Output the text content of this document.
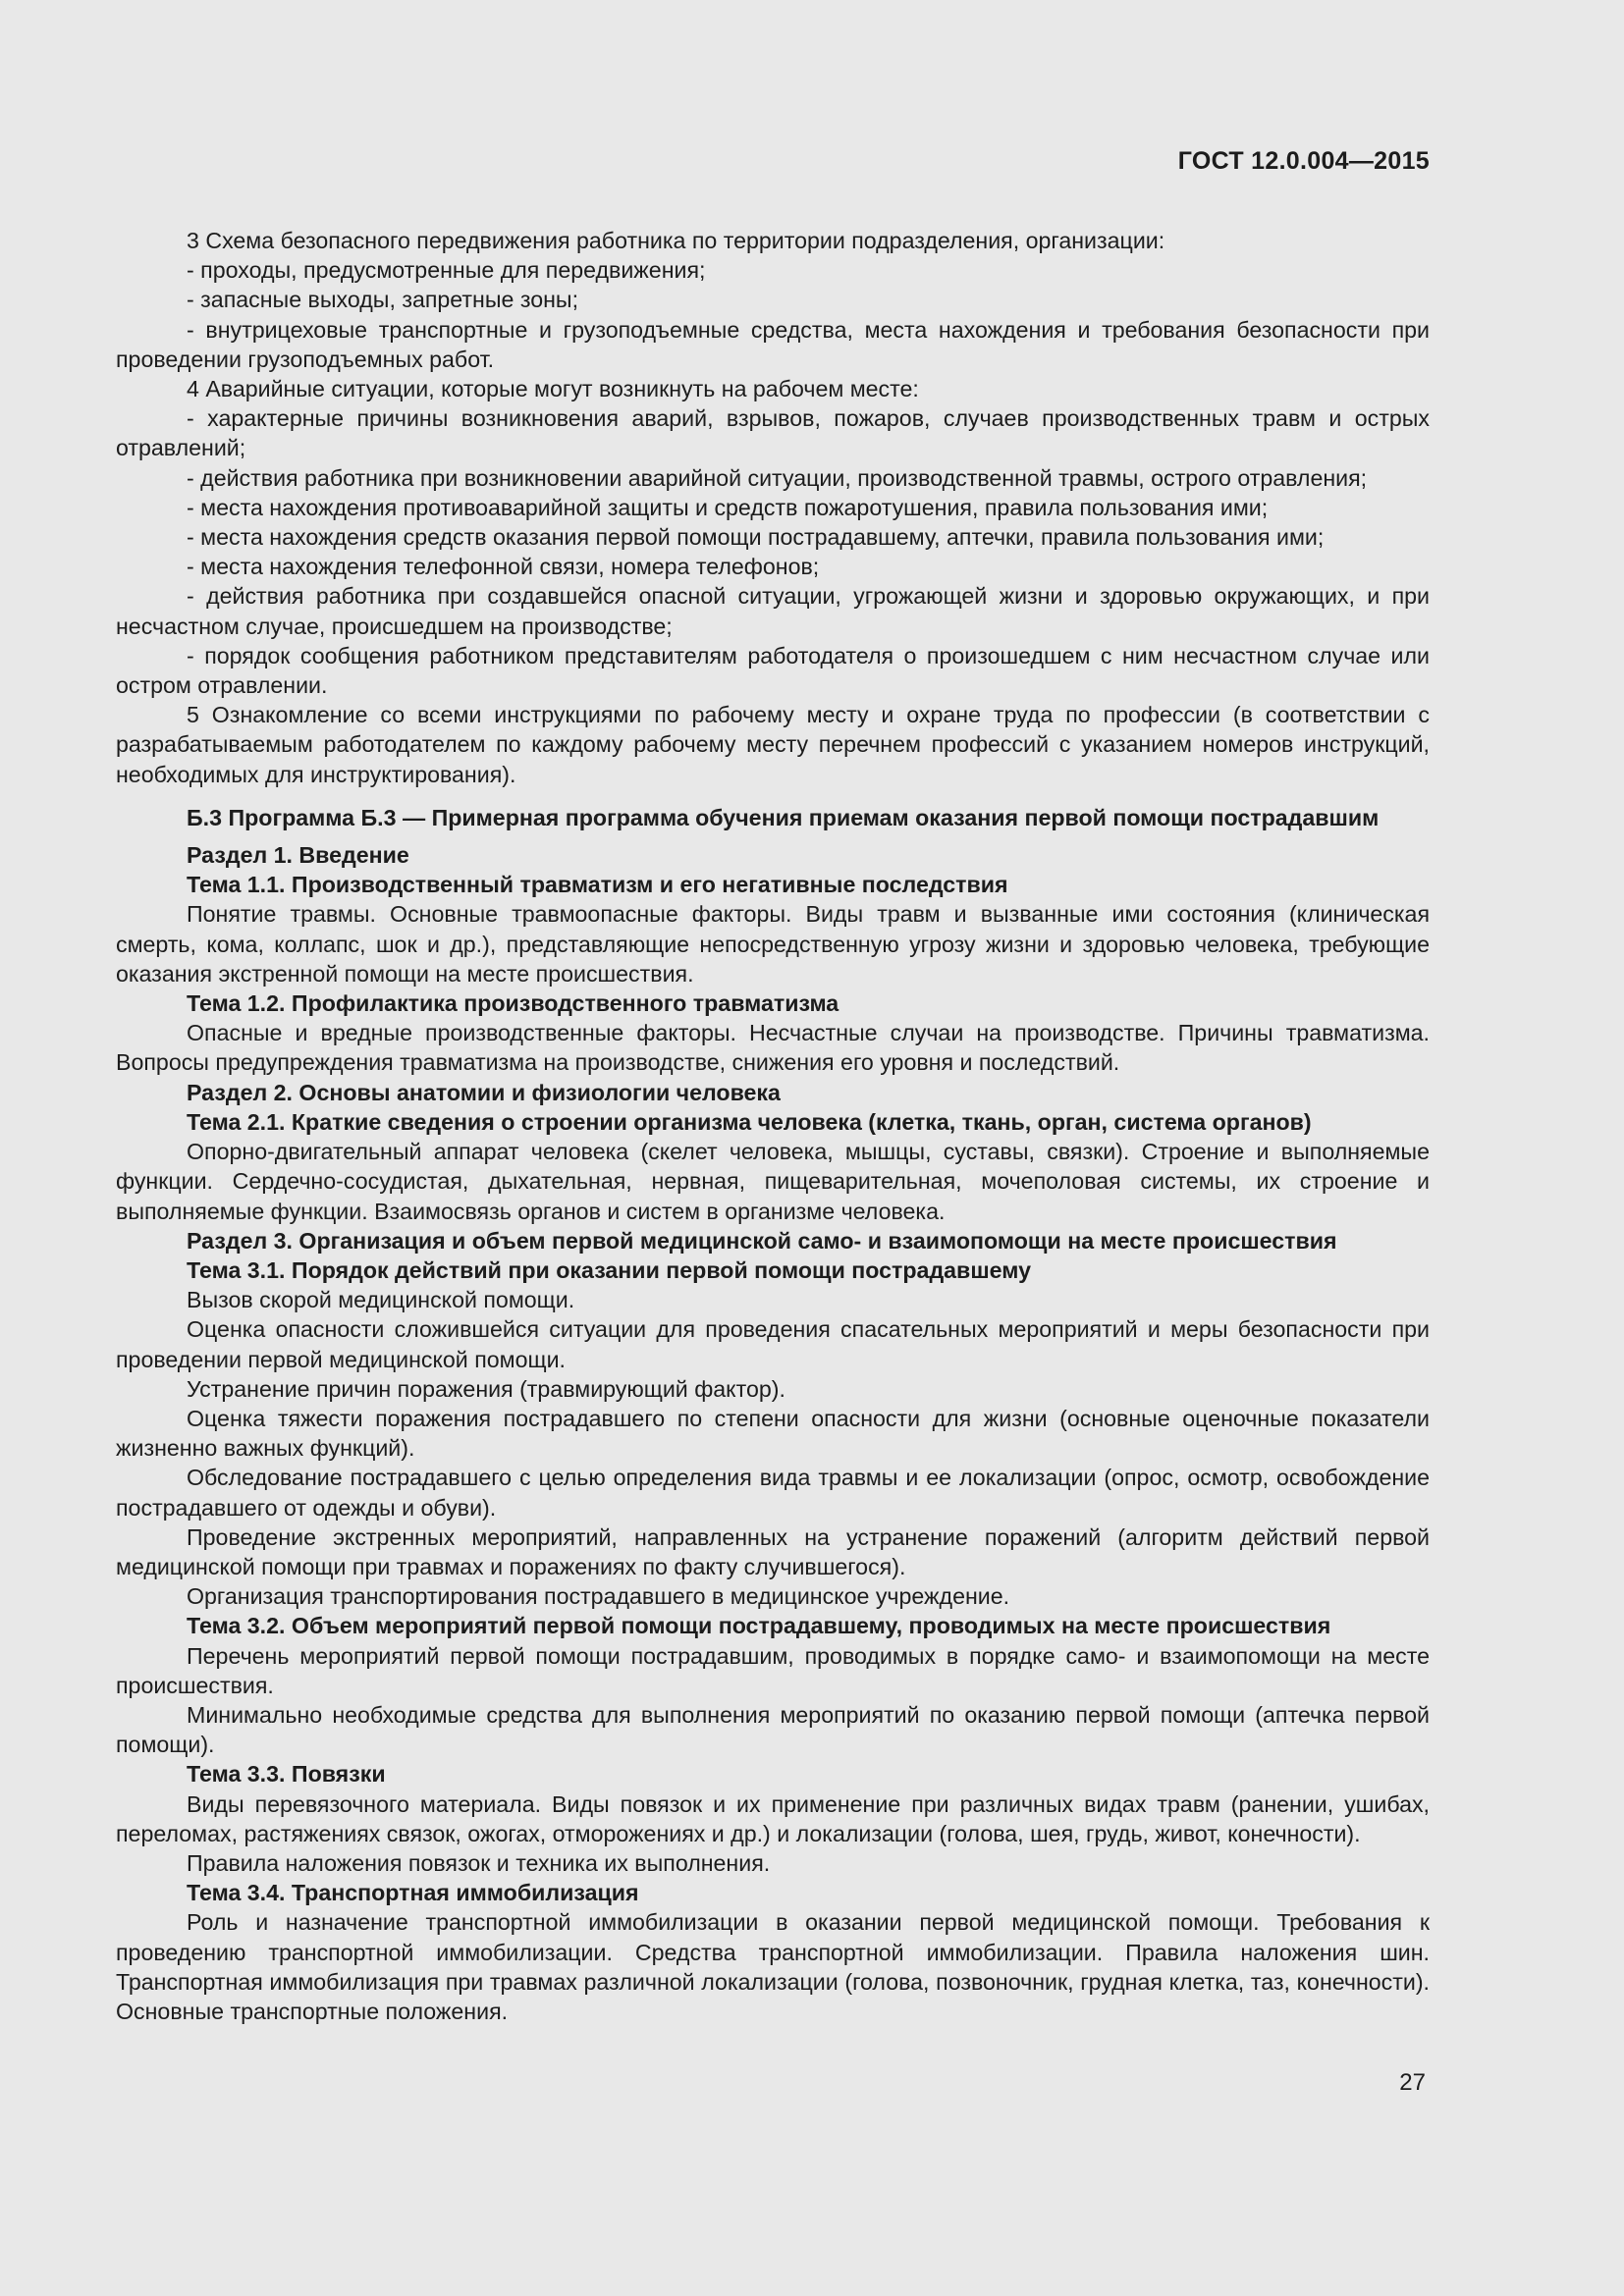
ГОСТ 12.0.004—2015

3 Схема безопасного передвижения работника по территории подразделения, организации:

- проходы, предусмотренные для передвижения;

- запасные выходы, запретные зоны;

- внутрицеховые транспортные и грузоподъемные средства, места нахождения и требования безопасности при проведении грузоподъемных работ.

4 Аварийные ситуации, которые могут возникнуть на рабочем месте:

- характерные причины возникновения аварий, взрывов, пожаров, случаев производственных травм и острых отравлений;

- действия работника при возникновении аварийной ситуации, производственной травмы, острого отравления;

- места нахождения противоаварийной защиты и средств пожаротушения, правила пользования ими;

- места нахождения средств оказания первой помощи пострадавшему, аптечки, правила пользования ими;

- места нахождения телефонной связи, номера телефонов;

- действия работника при создавшейся опасной ситуации, угрожающей жизни и здоровью окружающих, и при несчастном случае, происшедшем на производстве;

- порядок сообщения работником представителям работодателя о произошедшем с ним несчастном случае или остром отравлении.

5 Ознакомление со всеми инструкциями по рабочему месту и охране труда по профессии (в соответствии с разрабатываемым работодателем по каждому рабочему месту перечнем профессий с указанием номеров инструкций, необходимых для инструктирования).

Б.3 Программа Б.3 — Примерная программа обучения приемам оказания первой помощи пострадавшим

Раздел 1. Введение

Тема 1.1. Производственный травматизм и его негативные последствия

Понятие травмы. Основные травмоопасные факторы. Виды травм и вызванные ими состояния (клиническая смерть, кома, коллапс, шок и др.), представляющие непосредственную угрозу жизни и здоровью человека, требующие оказания экстренной помощи на месте происшествия.

Тема 1.2. Профилактика производственного травматизма

Опасные и вредные производственные факторы. Несчастные случаи на производстве. Причины травматизма. Вопросы предупреждения травматизма на производстве, снижения его уровня и последствий.

Раздел 2. Основы анатомии и физиологии человека

Тема 2.1. Краткие сведения о строении организма человека (клетка, ткань, орган, система органов)

Опорно-двигательный аппарат человека (скелет человека, мышцы, суставы, связки). Строение и выполняемые функции. Сердечно-сосудистая, дыхательная, нервная, пищеварительная, мочеполовая системы, их строение и выполняемые функции. Взаимосвязь органов и систем в организме человека.

Раздел 3. Организация и объем первой медицинской само- и взаимопомощи на месте происшествия

Тема 3.1. Порядок действий при оказании первой помощи пострадавшему

Вызов скорой медицинской помощи.

Оценка опасности сложившейся ситуации для проведения спасательных мероприятий и меры безопасности при проведении первой медицинской помощи.

Устранение причин поражения (травмирующий фактор).

Оценка тяжести поражения пострадавшего по степени опасности для жизни (основные оценочные показатели жизненно важных функций).

Обследование пострадавшего с целью определения вида травмы и ее локализации (опрос, осмотр, освобождение пострадавшего от одежды и обуви).

Проведение экстренных мероприятий, направленных на устранение поражений (алгоритм действий первой медицинской помощи при травмах и поражениях по факту случившегося).

Организация транспортирования пострадавшего в медицинское учреждение.

Тема 3.2. Объем мероприятий первой помощи пострадавшему, проводимых на месте происшествия

Перечень мероприятий первой помощи пострадавшим, проводимых в порядке само- и взаимопомощи на месте происшествия.

Минимально необходимые средства для выполнения мероприятий по оказанию первой помощи (аптечка первой помощи).

Тема 3.3. Повязки

Виды перевязочного материала. Виды повязок и их применение при различных видах травм (ранении, ушибах, переломах, растяжениях связок, ожогах, отморожениях и др.) и локализации (голова, шея, грудь, живот, конечности).

Правила наложения повязок и техника их выполнения.

Тема 3.4. Транспортная иммобилизация

Роль и назначение транспортной иммобилизации в оказании первой медицинской помощи. Требования к проведению транспортной иммобилизации. Средства транспортной иммобилизации. Правила наложения шин. Транспортная иммобилизация при травмах различной локализации (голова, позвоночник, грудная клетка, таз, конечности). Основные транспортные положения.

27
